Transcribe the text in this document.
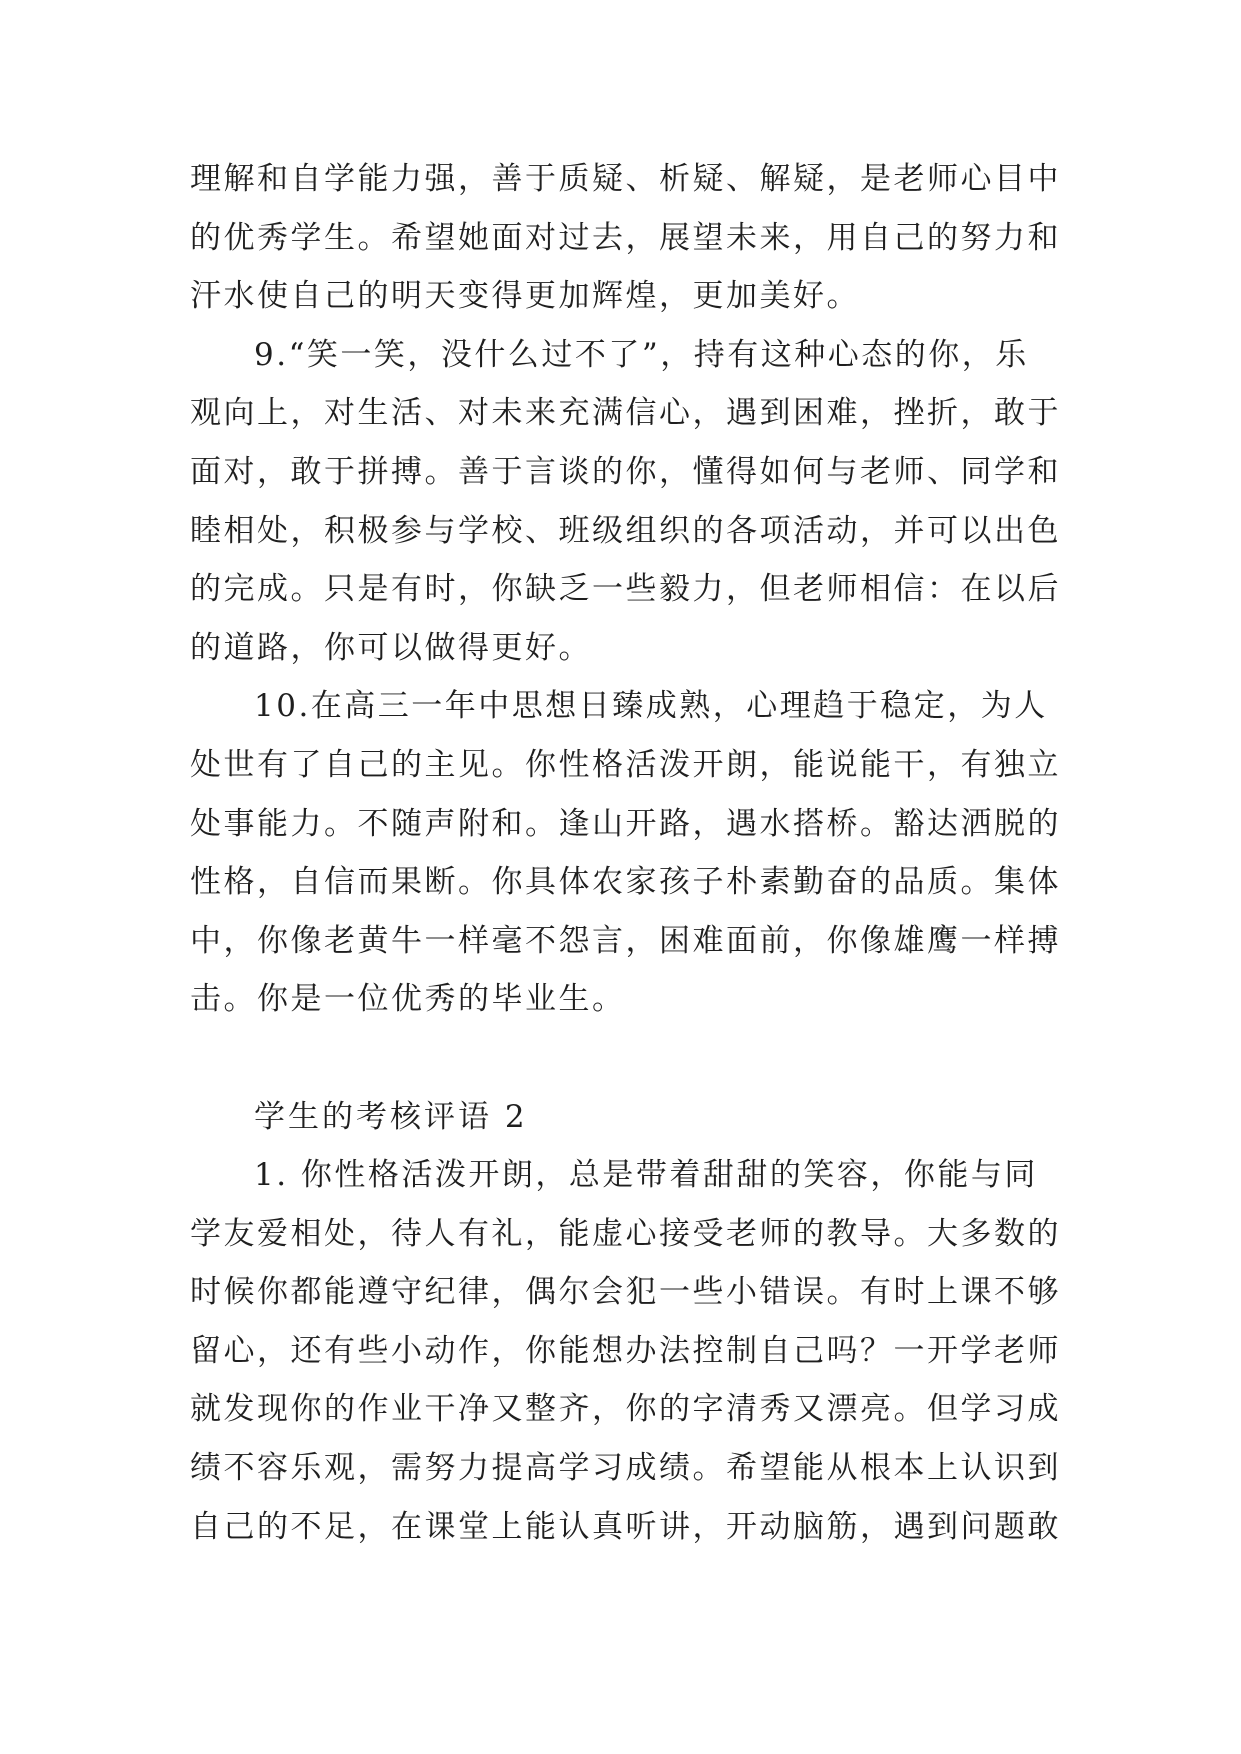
理解和自学能力强，善于质疑、析疑、解疑，是老师心目中
的优秀学生。希望她面对过去，展望未来，用自己的努力和
汗水使自己的明天变得更加辉煌，更加美好。
9.“笑一笑，没什么过不了”，持有这种心态的你，乐
观向上，对生活、对未来充满信心，遇到困难，挫折，敢于
面对，敢于拼搏。善于言谈的你，懂得如何与老师、同学和
睦相处，积极参与学校、班级组织的各项活动，并可以出色
的完成。只是有时，你缺乏一些毅力，但老师相信：在以后
的道路，你可以做得更好。
10.在高三一年中思想日臻成熟，心理趋于稳定，为人
处世有了自己的主见。你性格活泼开朗，能说能干，有独立
处事能力。不随声附和。逢山开路，遇水搭桥。豁达洒脱的
性格，自信而果断。你具体农家孩子朴素勤奋的品质。集体
中，你像老黄牛一样毫不怨言，困难面前，你像雄鹰一样搏
击。你是一位优秀的毕业生。
学生的考核评语 2
1. 你性格活泼开朗，总是带着甜甜的笑容，你能与同
学友爱相处，待人有礼，能虚心接受老师的教导。大多数的
时候你都能遵守纪律，偶尔会犯一些小错误。有时上课不够
留心，还有些小动作，你能想办法控制自己吗？一开学老师
就发现你的作业干净又整齐，你的字清秀又漂亮。但学习成
绩不容乐观，需努力提高学习成绩。希望能从根本上认识到
自己的不足，在课堂上能认真听讲，开动脑筋，遇到问题敢
